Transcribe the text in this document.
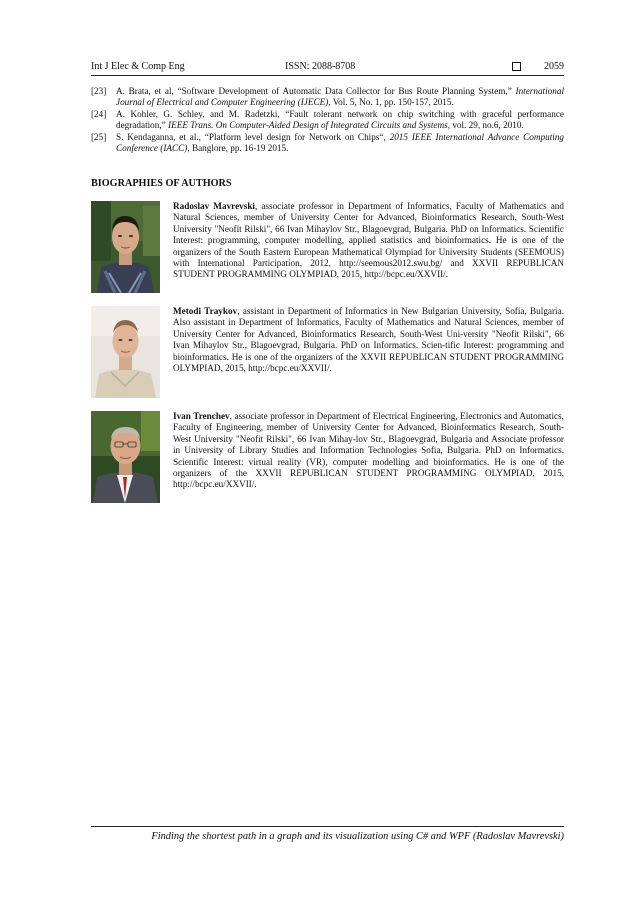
Int J Elec & Comp Eng	ISSN: 2088-8708	2059

[23] A. Brata, et al, “Software Development of Automatic Data Collector for Bus Route Planning System,” International Journal of Electrical and Computer Engineering (IJECE), Vol. 5, No. 1, pp. 150-157, 2015.

[24] A. Kohler, G. Schley, and M. Radetzki, “Fault tolerant network on chip switching with graceful performance degradation,” IEEE Trans. On Computer-Aided Design of Integrated Circuits and Systems, vol. 29, no.6, 2010.

[25] S. Kendaganna, et al., “Platform level design for Network on Chips“, 2015 IEEE International Advance Computing Conference (IACC), Banglore, pp. 16-19 2015.

BIOGRAPHIES OF AUTHORS
Radoslav Mavrevski, associate professor in Department of Informatics, Faculty of Mathematics and Natural Sciences, member of University Center for Advanced, Bioinformatics Research, South-West University "Neofit Rilski", 66 Ivan Mihaylov Str., Blagoevgrad, Bulgaria. PhD on Informatics. Scientific Interest: programming, computer modelling, applied statistics and bioinformatics. He is one of the organizers of the South Eastern European Mathematical Olympiad for University Students (SEEMOUS) with International Participation, 2012, http://seemous2012.swu.bg/ and XXVII REPUBLICAN STUDENT PROGRAMMING OLYMPIAD, 2015, http://bcpc.eu/XXVII/.
Metodi Traykov, assistant in Department of Informatics in New Bulgarian University, Sofia, Bulgaria. Also assistant in Department of Informatics, Faculty of Mathematics and Natural Sciences, member of University Center for Advanced, Bioinformatics Research, South-West Uni-versity "Neofit Rilski", 66 Ivan Mihaylov Str., Blagoevgrad, Bulgaria. PhD on Informatics. Scien-tific Interest: programming and bioinformatics. He is one of the organizers of the XXVII REPUBLICAN STUDENT PROGRAMMING OLYMPIAD, 2015, http://bcpc.eu/XXVII/.
Ivan Trenchev, associate professor in Department of Electrical Engineering, Electronics and Automatics, Faculty of Engineering, member of University Center for Advanced, Bioinformatics Research, South-West University "Neofit Rilski", 66 Ivan Mihay-lov Str., Blagoevgrad, Bulgaria and Associate professor in University of Library Studies and Information Technologies Sofia, Bulgaria. PhD on Informatics. Scientific Interest: virtual reality (VR), computer modelling and bioinformatics. He is one of the organizers of the XXVII REPUBLICAN STUDENT PROGRAMMING OLYMPIAD, 2015, http://bcpc.eu/XXVII/.
Finding the shortest path in a graph and its visualization using C# and WPF (Radoslav Mavrevski)
